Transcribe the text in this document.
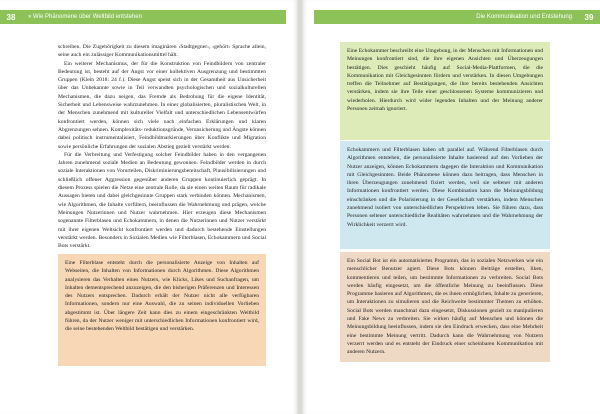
38	» Wie Phänomene über Weltbild entstehen

schreiben. Die Zugehörigkeit zu diesem imaginären ›Stadtgegner‹, ›gehört‹ Sprache allein, seine auch ein zulässiger Kommunikationsmittel hält.

Ein weiterer Mechanismus, der für die Konstruktion von Feindbildern von zentraler Bedeutung ist, besteht auf der Angst vor einer kollektiven Ausgrenzung und bestimmten Gruppen (Klein 2018: 24 f.). Diese Angst speist sich in der Gesamtheit aus Unsicherheit über das Unbekannte sowie in Teil verwandten psychologischen und sozialkulturellen Mechanismen, die dazu neigen, das Fremde als Bedrohung für die eigene Identität, Sicherheit und Lebensweise wahrzunehmen. In einer globalisierten, pluralistischen Welt, in der Menschen zunehmend mit kultureller Vielfalt und unterschiedlichen Lebensentwürfen konfrontiert werden, können sich viele nach einfachen Erklärungen und klaren Abgrenzungen sehnen. Komplexitäts- reduktionsgründe, Verunsicherung und Ängste können dabei politisch instrumentalisiert, Feindbildmarkierungen über Konflikte und Migration sowie persönliche Erfahrungen der sozialen Abstieg gezielt verstärkt werden.

Für die Verbreitung und Verfestigung solcher Feindbilder haben in den vergangenen Jahren zunehmend soziale Medien an Bedeutung gewonnen. Feindbilder werden in durch soziale Interaktionen von Vorurteilen, Diskriminierungsbereitschaft, Plausibilisierungen und schließlich offener Aggression gegenüber anderen Gruppen kontinuierlich geprägt. In diesem Prozess spielen die Netze eine zentrale Rolle, da sie einen weiten Raum für radikale Aussagen bieten und dabei gleichgesinnte Gruppen stark verbinden können. Mechanismen, wie Algorithmen, die Inhalte vorfiltern, beeinflussen die Wahrnehmung und prägen, welche Meinungen Nutzerinnen und Nutzer wahrnehmen. Hier erzeugen diese Mechanismen sogenannte Filterblasen und Echokammern, in denen die Nutzerinnen und Nutzer verstärkt mit ihrer eigenen Weltsicht konfrontiert werden und dadurch bestehende Einstellungen verstärkt werden. Besonders in Sozialen Medien wie Filterblasen, Echokammern und Social Bots verstärkt.

Eine Filterblase entsteht durch die personalisierte Anzeige von Inhalten auf Webseiten, die Inhalten von Informationen durch Algorithmen. Diese Algorithmen analysieren das Verhalten eines Nutzers, wie Klicks, Likes und Suchanfragen, um Inhalten dementsprechend anzuzeigen, die den bisherigen Präferenzen und Interessen des Nutzers entsprechen. Dadurch erhält der Nutzer nicht alle verfügbaren Informationen, sondern nur eine Auswahl, die zu seinen individuellen Vorlieben abgestimmt ist. Über längere Zeit kann dies zu einem eingeschränkten Weltbild führen, da der Nutzer weniger mit unterschiedlichen Informationen konfrontiert wird, die seine bestehenden Weltbild bestätigen und verstärken.

Die Kommunikation und Entstehung	39

Eine Echokammer beschreibt eine Umgebung, in der Menschen mit Informationen und Meinungen konfrontiert sind, die ihre eigenen Ansichten und Überzeugungen bestätigen. Dies geschieht häufig auf Social-Media-Plattformen, die die Kommunikation mit Gleichgesinnten fördern und verstärken. In diesen Umgebungen treffen die Teilnehmer auf Bestätigungen, die ihre bereits bestehenden Ansichten verstärken, indem sie ihre Teile einer geschlossenen Systeme kommunizieren und wiederholen. Hierdurch wird wider legenden Inhalten und der Meinung anderer Personen zeitnah ignoriert.

Echokammern und Filterblasen haben oft parallel auf. Während Filterblasen durch Algorithmen entstehen, die personalisierte Inhalte basierend auf den Vorlieben der Nutzer anzeigen, können Echokammern dagegen die Interaktion und Kommunikation mit Gleichgesinnten. Beide Phänomene können dazu beitragen, dass Menschen in ihren Überzeugungen zunehmend fixiert werden, weil sie seltener mit anderen Informationen konfrontiert werden. Diese Kombination kann die Meinungsbildung einschränken und die Polarisierung in der Gesellschaft verstärken, indem Menschen zunehmend isoliert von unterschiedlichen Perspektiven leben. Sie führen dazu, dass Personen seltener unterschiedliche Realitäten wahrnehmen und die Wahrnehmung der Wirklichkeit verzerrt wird.

Ein Social Bot ist ein automatisiertes Programm, das in sozialen Netzwerken wie ein menschlicher Benutzer agiert. Diese Bots können Beiträge erstellen, liken, kommentieren und teilen, um bestimmte Informationen zu verbreiten. Social Bots werden häufig eingesetzt, um die öffentliche Meinung zu beeinflussen. Diese Programme basieren auf Algorithmen, die es ihnen ermöglichen, Inhalte zu generieren, um Interaktionen zu simulieren und die Reichweite bestimmter Themen zu erhöhen. Social Bots werden manchmal dazu eingesetzt, Diskussionen gezielt zu manipulieren und Fake News zu verbreiten. Sie wirken häufig auf Menschen und können die Meinungsbildung beeinflussen, indem sie den Eindruck erwecken, dass eine Mehrheit eine bestimmte Meinung vertritt. Dadurch kann die Wahrnehmung von Nutzern verzerrt werden und es entsteht der Eindruck einer scheinbaren Kommunikation mit anderen Nutzern.
